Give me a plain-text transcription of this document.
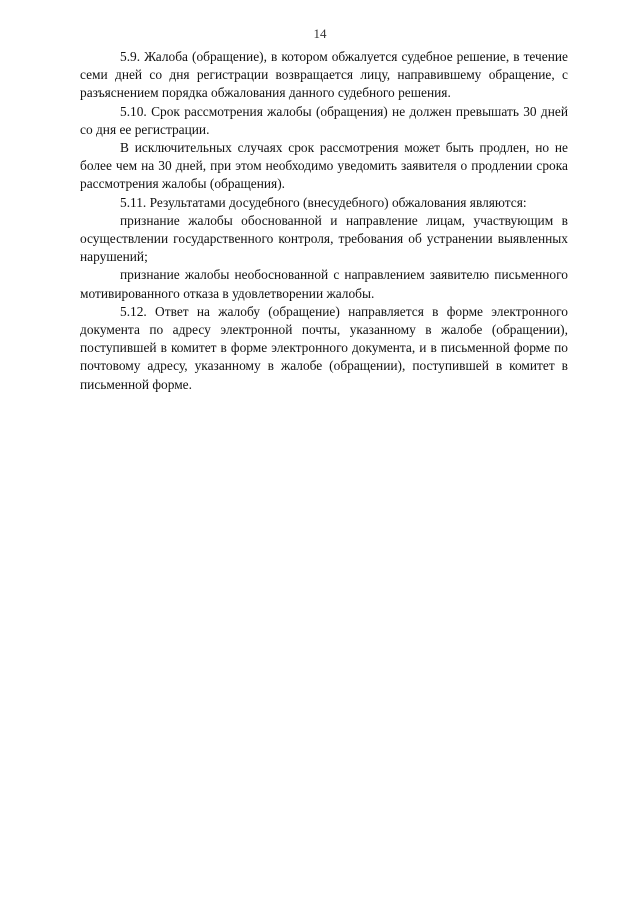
14

5.9. Жалоба (обращение), в котором обжалуется судебное решение, в течение семи дней со дня регистрации возвращается лицу, направившему обращение, с разъяснением порядка обжалования данного судебного решения.

5.10. Срок рассмотрения жалобы (обращения) не должен превышать 30 дней со дня ее регистрации.

В исключительных случаях срок рассмотрения может быть продлен, но не более чем на 30 дней, при этом необходимо уведомить заявителя о продлении срока рассмотрения жалобы (обращения).

5.11. Результатами досудебного (внесудебного) обжалования являются:

признание жалобы обоснованной и направление лицам, участвующим в осуществлении государственного контроля, требования об устранении выявленных нарушений;

признание жалобы необоснованной с направлением заявителю письменного мотивированного отказа в удовлетворении жалобы.

5.12. Ответ на жалобу (обращение) направляется в форме электронного документа по адресу электронной почты, указанному в жалобе (обращении), поступившей в комитет в форме электронного документа, и в письменной форме по почтовому адресу, указанному в жалобе (обращении), поступившей в комитет в письменной форме.
